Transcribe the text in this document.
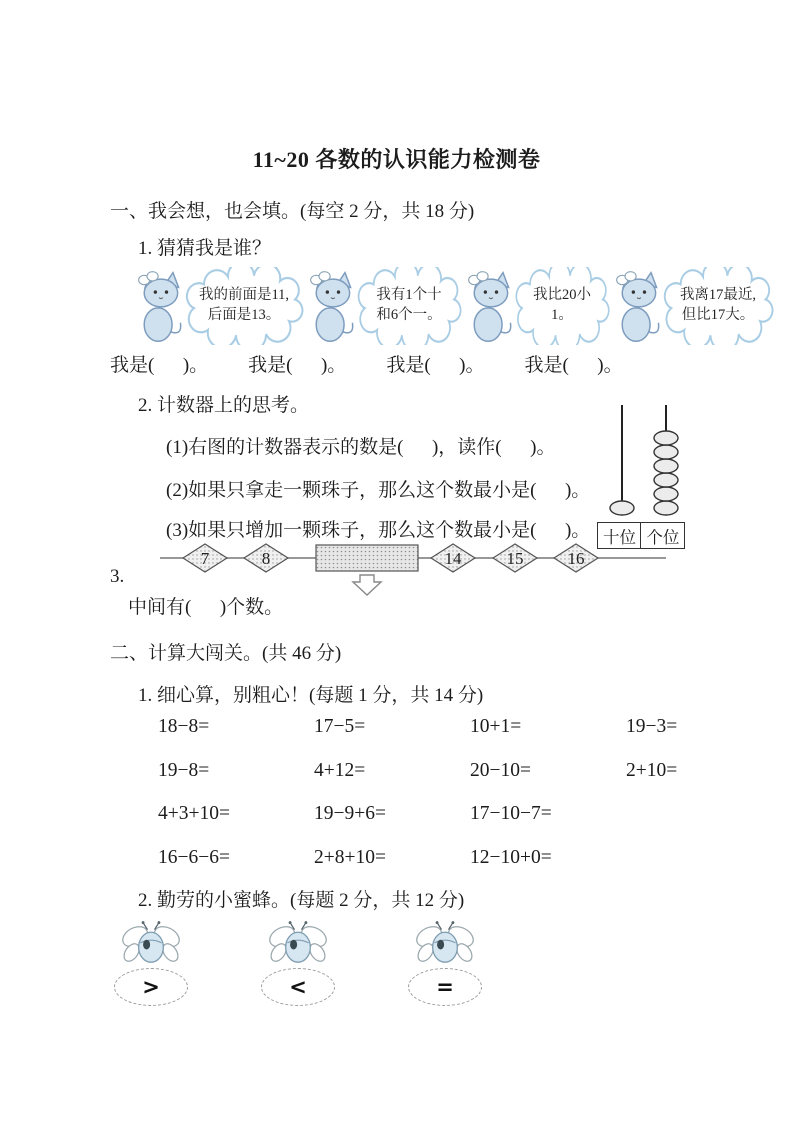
11~20 各数的认识能力检测卷
一、我会想，也会填。(每空 2 分，共 18 分)
1. 猜猜我是谁？
我的前面是11,后面是13。
我有1个十 和6个一。
我比20小1。
我离17最近, 但比17大。
我是(      )。 我是(      )。 我是(      )。 我是(      )。
2. 计数器上的思考。
(1)右图的计数器表示的数是(      )，读作(      )。
(2)如果只拿走一颗珠子，那么这个数最小是(      )。
(3)如果只增加一颗珠子，那么这个数最小是(      )。 十位 个位
3.
7	8	14	15	16
中间有(      )个数。
二、计算大闯关。(共 46 分)
1. 细心算，别粗心！(每题 1 分，共 14 分)
18−8=	17−5=	10+1=	19−3=
19−8=	4+12=	20−10=	2+10=
4+3+10=	19−9+6=	17−10−7=
16−6−6=	2+8+10=	12−10+0=
2. 勤劳的小蜜蜂。(每题 2 分，共 12 分)
>	<	=
